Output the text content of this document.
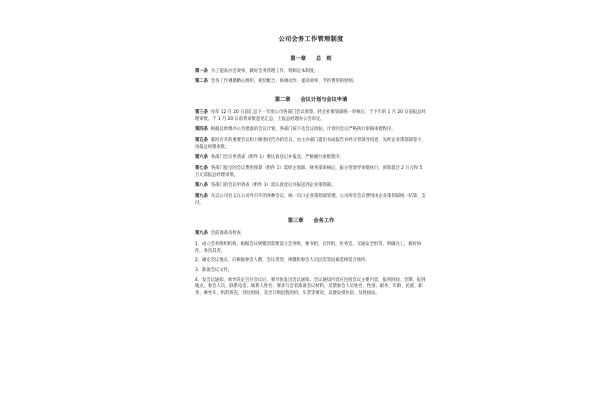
公司会务工作管理制度
第一章 总　则
第一条 为了提高办会效率、做好会务管理工作，特制定本制度。
第二条 会务工作遵循精心组织、密切配合、协调动作、提高效率、节约费用的原则。
第二章 会议计划与会议申请
第三条 每年 12 月 20 日前汇总下一年度公司各部门会议预算，经企业策划部统一审核后，于下年的 1 月 20 日前报总经理审批。于 1 月 20 日前将审批意见汇总，上报总经理办公会审定。
第四条 根据总经理办公会批准的会议计划，各部门按下达会议指标，计划内会议严格执行审核审批程序。
第五条 临时召开的重要会议和上级委托代办的会议，由主办部门提出书面报告并经分管领导同意，先经企业策划部签字，再报总经理审批。
第六条 各部门会议申请表（附件 1）要认真登记并报送，严格履行审批程序。
第七条 各部门提交的会议费用预算（附件 1）需经企划部、财务部审核后，报分管领导审批执行，预算超过 2 万元和 5 万元需报总经理审批。
第八条 各部门的会议申请表（附件 1）需认真登记并报送到企业策划部。
第九条 凡以公司名义在公司外召开的各种会议，统一归口企业策划部管理，公司所有会议费用由企业策划部统一结算、支付。
第三章 会务工作
第九条 会前准备及检查
1、成立会务组织机构，根据会议规模的需要设立会务组，秘书组，宣传组，医务室，交通安全组等，明确分工，搞好协作，各负其责。
2、确定会议地点，应根据参会人数、会议类型、规模和参会人员层次等因素选择适合场所。
3、准备会议文件。
4、发会议通知，领导决定召开会议后，要尽快发出会议通知。会议通知内容应包括会议主要内容，报到时间、会期、报到地点、参会人员、联系电话、联系人姓名；要求与会者准备会议材料，反馈参会人员姓名、性别、职务、年龄、民族、职务、乘坐车、机的班次，到达时间、及否订购返程的机、车票等情况，以便安排住宿、及时接站。
